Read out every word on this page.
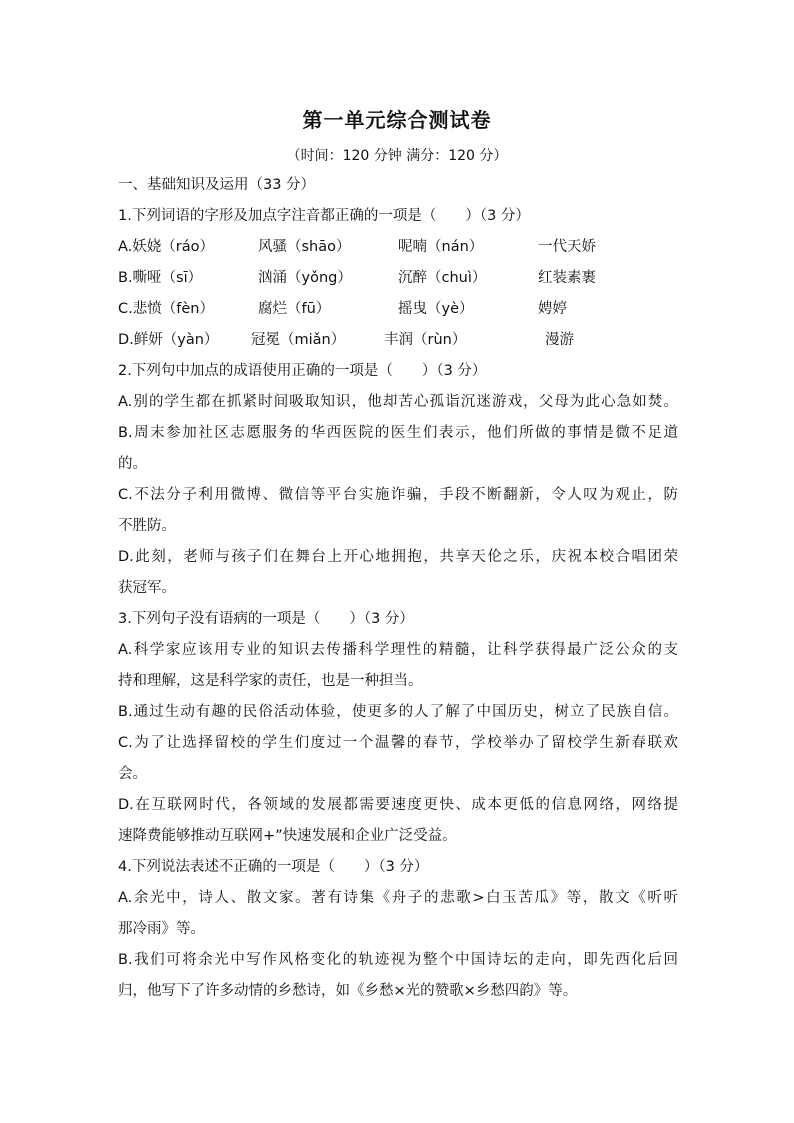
第一单元综合测试卷
（时间：120 分钟 满分：120 分）
一、基础知识及运用（33 分）
1.下列词语的字形及加点字注音都正确的一项是（　　）（3 分）
A.妖娆（ráo）	风骚（shāo）	呢喃（nán）	一代天娇
B.嘶哑（sī）	汹涌（yǒng）	沉醉（chuì）	红装素裹
C.悲愤（fèn）	腐烂（fū）	摇曳（yè）	娉婷
D.鲜妍（yàn）	冠冕（miǎn）	丰润（rùn）	漫游
2.下列句中加点的成语使用正确的一项是（　　）（3 分）
A.别的学生都在抓紧时间吸取知识，他却苦心孤诣沉迷游戏，父母为此心急如焚。
B.周末参加社区志愿服务的华西医院的医生们表示，他们所做的事情是微不足道
的。
C.不法分子利用微博、微信等平台实施诈骗，手段不断翻新，令人叹为观止，防
不胜防。
D.此刻，老师与孩子们在舞台上开心地拥抱，共享天伦之乐，庆祝本校合唱团荣
获冠军。
3.下列句子没有语病的一项是（　　）（3 分）
A.科学家应该用专业的知识去传播科学理性的精髓，让科学获得最广泛公众的支
持和理解，这是科学家的责任，也是一种担当。
B.通过生动有趣的民俗活动体验，使更多的人了解了中国历史，树立了民族自信。
C.为了让选择留校的学生们度过一个温馨的春节，学校举办了留校学生新春联欢
会。
D.在互联网时代，各领域的发展都需要速度更快、成本更低的信息网络，网络提
速降费能够推动互联网+”快速发展和企业广泛受益。
4.下列说法表述不正确的一项是（　　）（3 分）
A.余光中，诗人、散文家。著有诗集《舟子的悲歌>白玉苦瓜》等，散文《听听
那冷雨》等。
B.我们可将余光中写作风格变化的轨迹视为整个中国诗坛的走向，即先西化后回
归，他写下了许多动情的乡愁诗，如《乡愁×光的赞歌×乡愁四韵》等。
